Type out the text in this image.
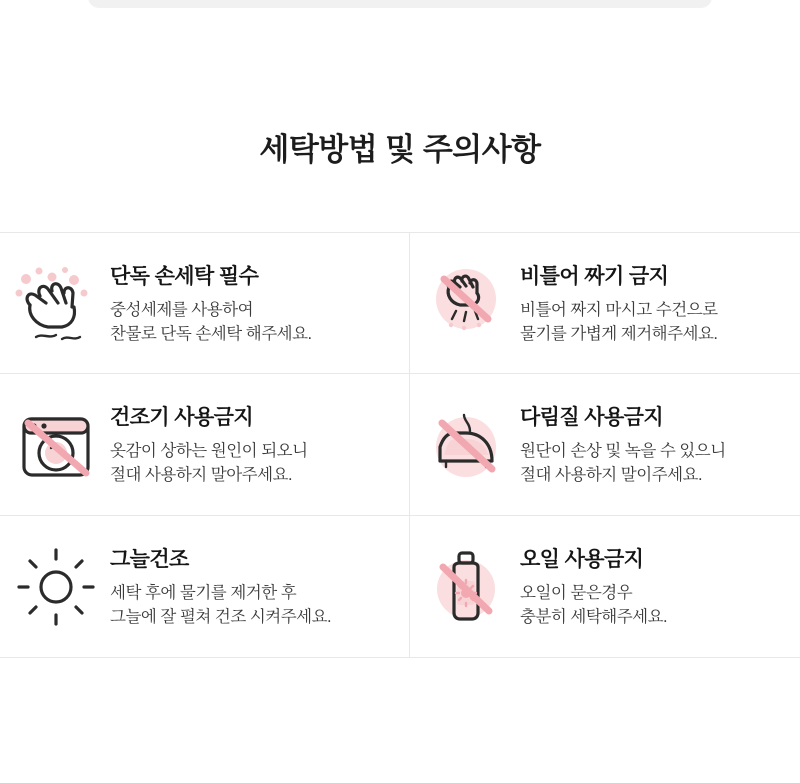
세탁방법 및 주의사항
단독 손세탁 필수
중성세제를 사용하여
찬물로 단독 손세탁 해주세요.
비틀어 짜기 금지
비틀어 짜지 마시고 수건으로
물기를 가볍게 제거해주세요.
건조기 사용금지
옷감이 상하는 원인이 되오니
절대 사용하지 말아주세요.
다림질 사용금지
원단이 손상 및 녹을 수 있으니
절대 사용하지 말이주세요.
그늘건조
세탁 후에 물기를 제거한 후
그늘에 잘 펼쳐 건조 시켜주세요.
오일 사용금지
오일이 묻은경우
충분히 세탁해주세요.
